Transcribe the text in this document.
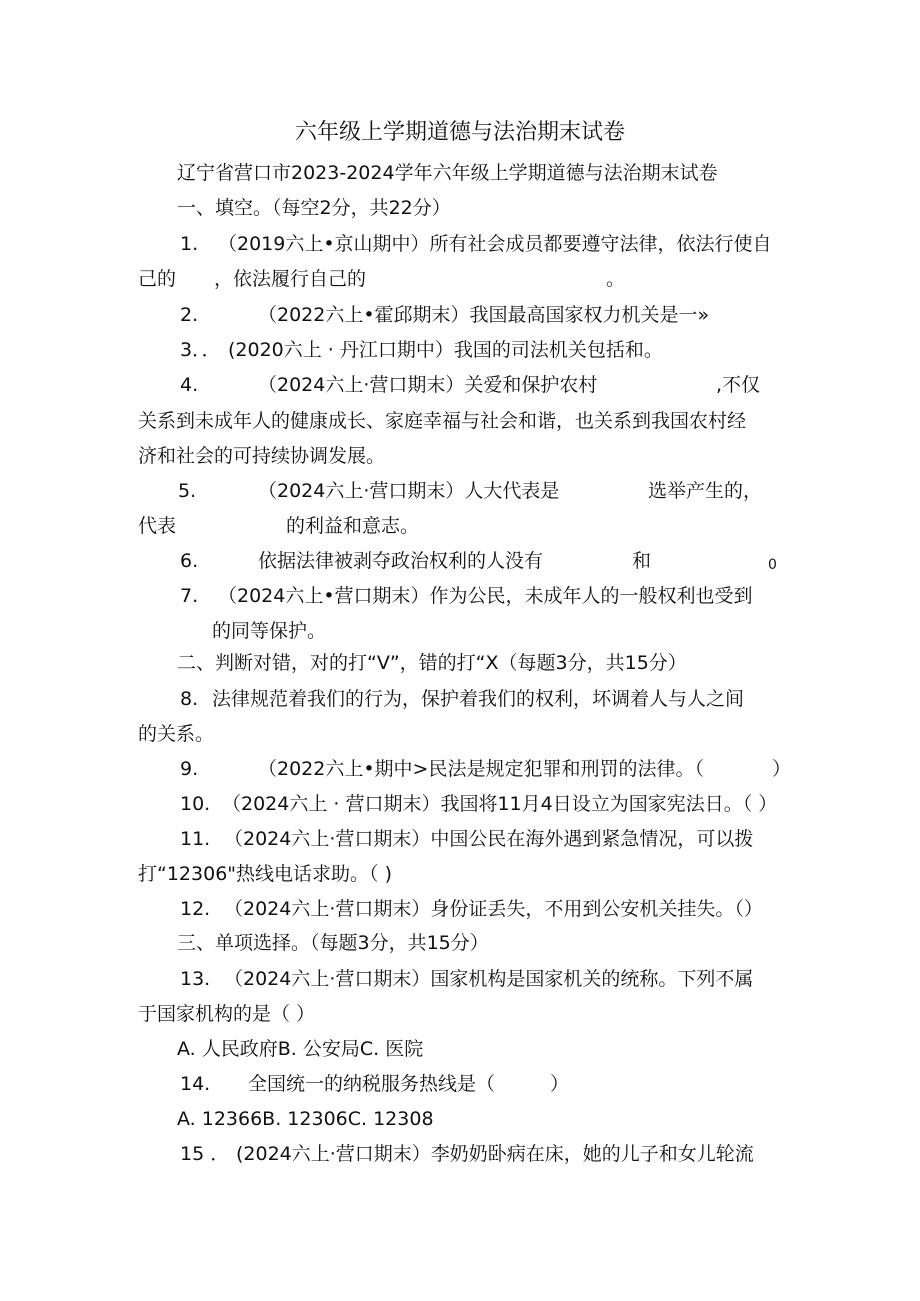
六年级上学期道德与法治期末试卷
辽宁省营口市2023-2024学年六年级上学期道德与法治期末试卷
一、填空。（每空2分，共22分）
1. （2019六上•京山期中）所有社会成员都要遵守法律，依法行使自
己的　　，依法履行自己的	。
2.	（2022六上•霍邱期末）我国最高国家权力机关是一»
3．． (2020六上 · 丹江口期中）我国的司法机关包括和。
4.	（2024六上·营口期末）关爱和保护农村	,不仅
关系到未成年人的健康成长、家庭幸福与社会和谐，也关系到我国农村经
济和社会的可持续协调发展。
5.	（2024六上·营口期末）人大代表是	选举产生的，
代表	的利益和意志。
6.	依据法律被剥夺政治权利的人没有	和	0
7. （2024六上•营口期末）作为公民，未成年人的一般权利也受到
的同等保护。
二、判断对错，对的打“V”，错的打“X（每题3分，共15分）
8. 法律规范着我们的行为，保护着我们的权利，坏调着人与人之间
的关系。
9.	（2022六上•期中>民法是规定犯罪和刑罚的法律。（	）
10. （2024六上 · 营口期末）我国将11月4日设立为国家宪法日。（ ）
11. （2024六上·营口期末）中国公民在海外遇到紧急情况，可以拨
打“12306"热线电话求助。（ )
12. （2024六上·营口期末）身份证丢失，不用到公安机关挂失。（）
三、单项选择。（每题3分，共15分）
13. （2024六上·营口期末）国家机构是国家机关的统称。下列不属
于国家机构的是（ ）
A. 人民政府B. 公安局C. 医院
14. 全国统一的纳税服务热线是（	）
A. 12366B. 12306C. 12308
15 ． (2024六上·营口期末）李奶奶卧病在床，她的儿子和女儿轮流
